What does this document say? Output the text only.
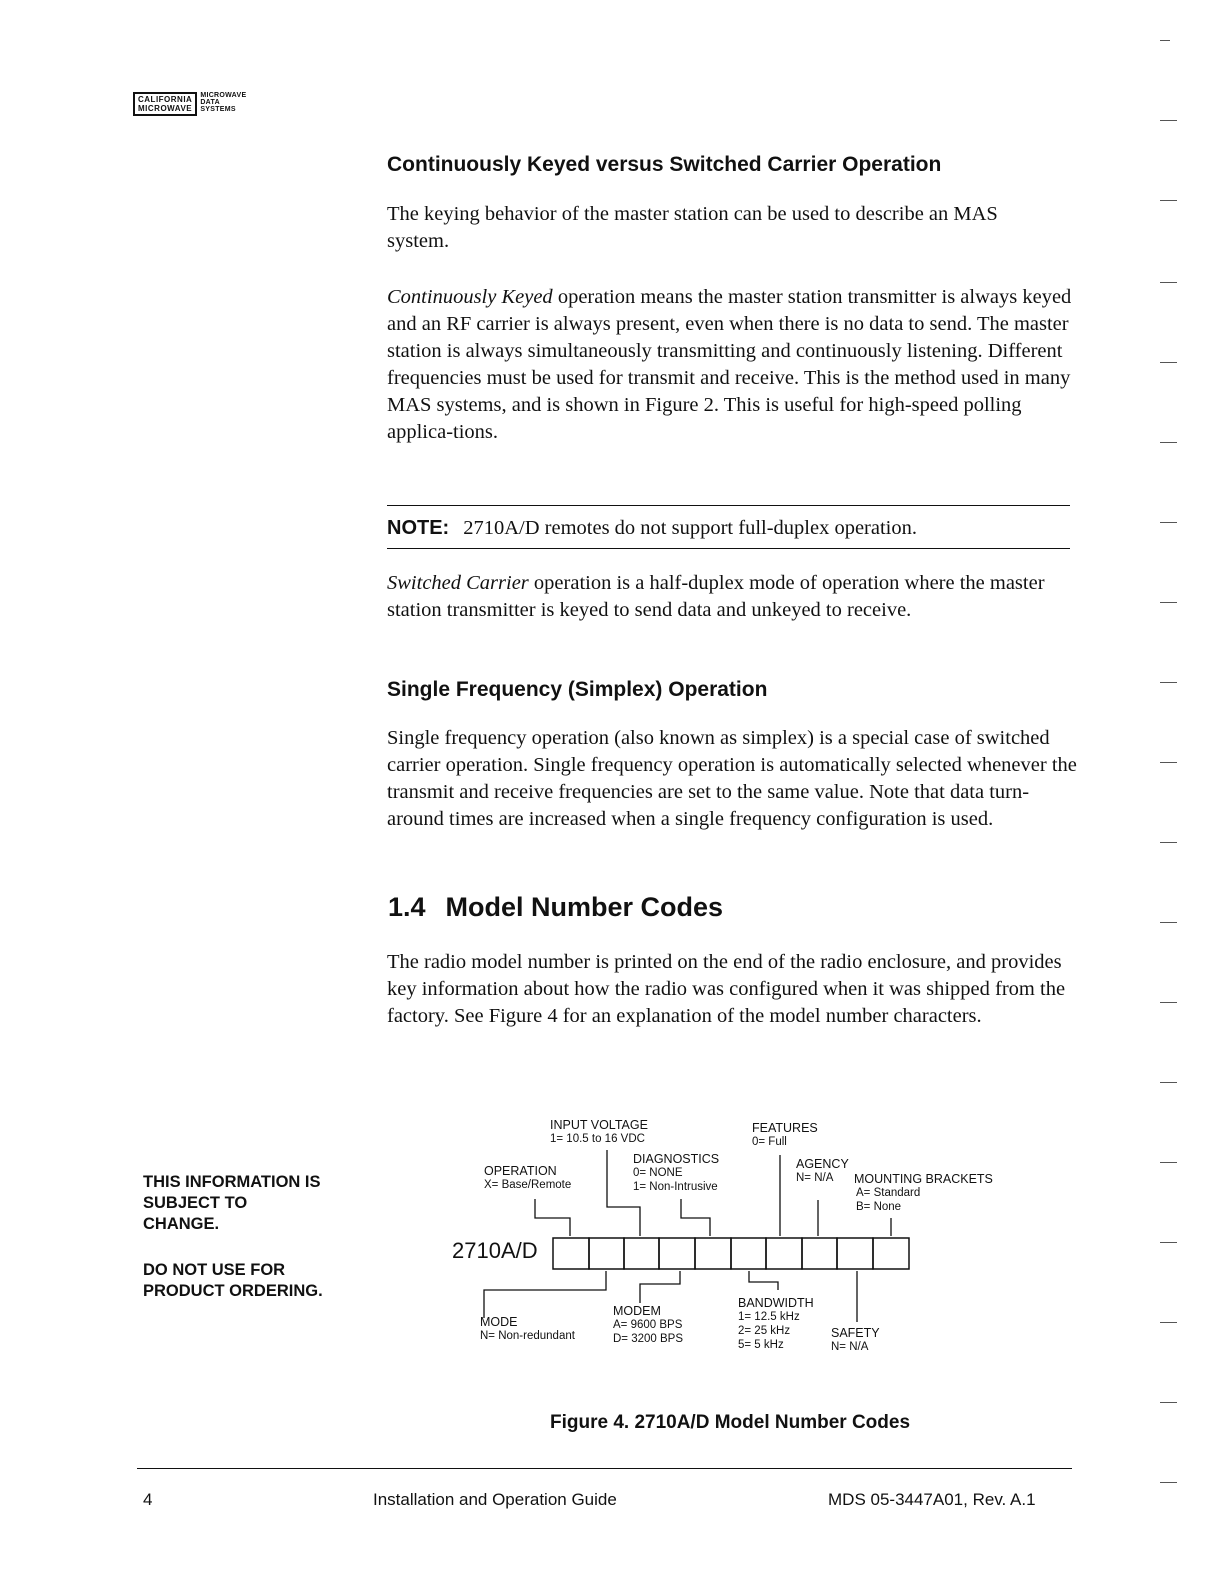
CALIFORNIA
MICROWAVE
MICROWAVE
DATA
SYSTEMS
Continuously Keyed versus Switched Carrier Operation

The keying behavior of the master station can be used to describe an MAS system.

Continuously Keyed operation means the master station transmitter is always keyed and an RF carrier is always present, even when there is no data to send. The master station is always simultaneously transmitting and continuously listening. Different frequencies must be used for transmit and receive. This is the method used in many MAS systems, and is shown in Figure 2. This is useful for high-speed polling applica-tions.

NOTE: 2710A/D remotes do not support full-duplex operation.

Switched Carrier operation is a half-duplex mode of operation where the master station transmitter is keyed to send data and unkeyed to receive.

Single Frequency (Simplex) Operation

Single frequency operation (also known as simplex) is a special case of switched carrier operation. Single frequency operation is automatically selected whenever the transmit and receive frequencies are set to the same value. Note that data turn-around times are increased when a single frequency configuration is used.

1.4 Model Number Codes

The radio model number is printed on the end of the radio enclosure, and provides key information about how the radio was configured when it was shipped from the factory. See Figure 4 for an explanation of the model number characters.

THIS INFORMATION IS
SUBJECT TO
CHANGE.
DO NOT USE FOR
PRODUCT ORDERING.
2710A/D
INPUT VOLTAGE
1= 10.5 to 16 VDC
FEATURES
0= Full
DIAGNOSTICS
0= NONE
1= Non-Intrusive
OPERATION
X= Base/Remote
AGENCY
N= N/A	MOUNTING BRACKETS
A= Standard
B= None
MODE
N= Non-redundant
MODEM
A= 9600 BPS
D= 3200 BPS
BANDWIDTH
1= 12.5 kHz
2= 25 kHz
5= 5 kHz
SAFETY
N= N/A
Figure 4. 2710A/D Model Number Codes
4	Installation and Operation Guide	MDS 05-3447A01, Rev. A.1
